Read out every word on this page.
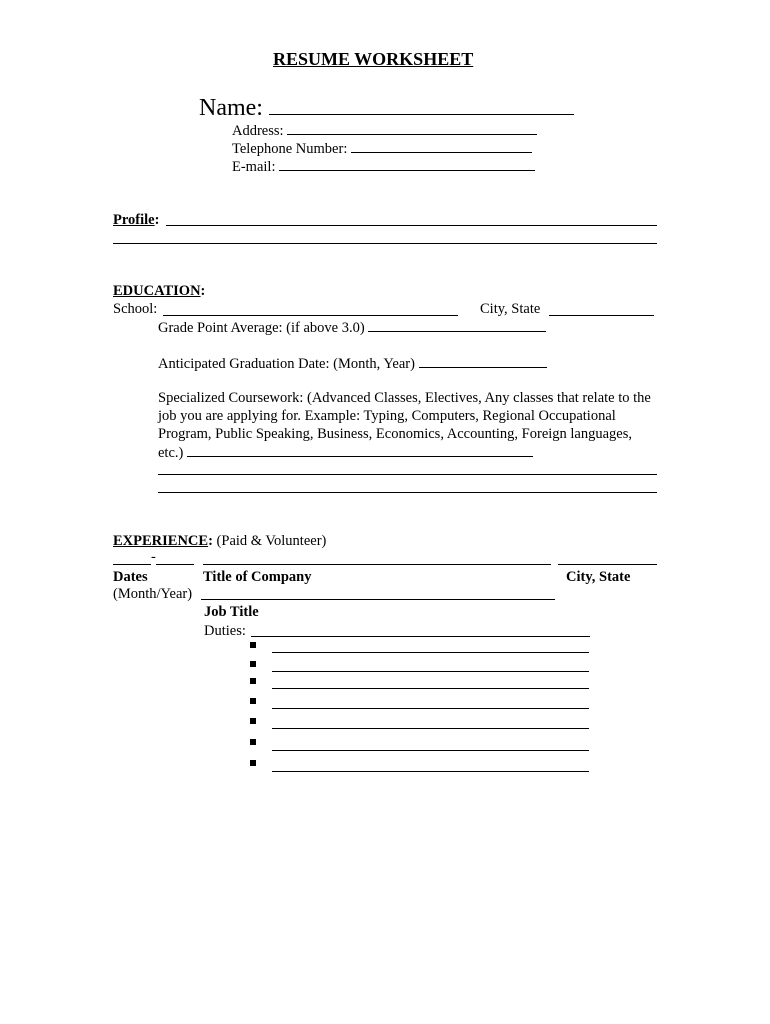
RESUME WORKSHEET
Name:
Address:
Telephone Number:
E-mail:
Profile:
EDUCATION:
School:	City, State
Grade Point Average: (if above 3.0)
Anticipated Graduation Date: (Month, Year)
Specialized Coursework: (Advanced Classes, Electives, Any classes that relate to the job you are applying for. Example: Typing, Computers, Regional Occupational Program, Public Speaking, Business, Economics, Accounting, Foreign languages, etc.)
EXPERIENCE: (Paid & Volunteer)
-
Dates	Title of Company	City, State
(Month/Year)
Job Title
Duties:
